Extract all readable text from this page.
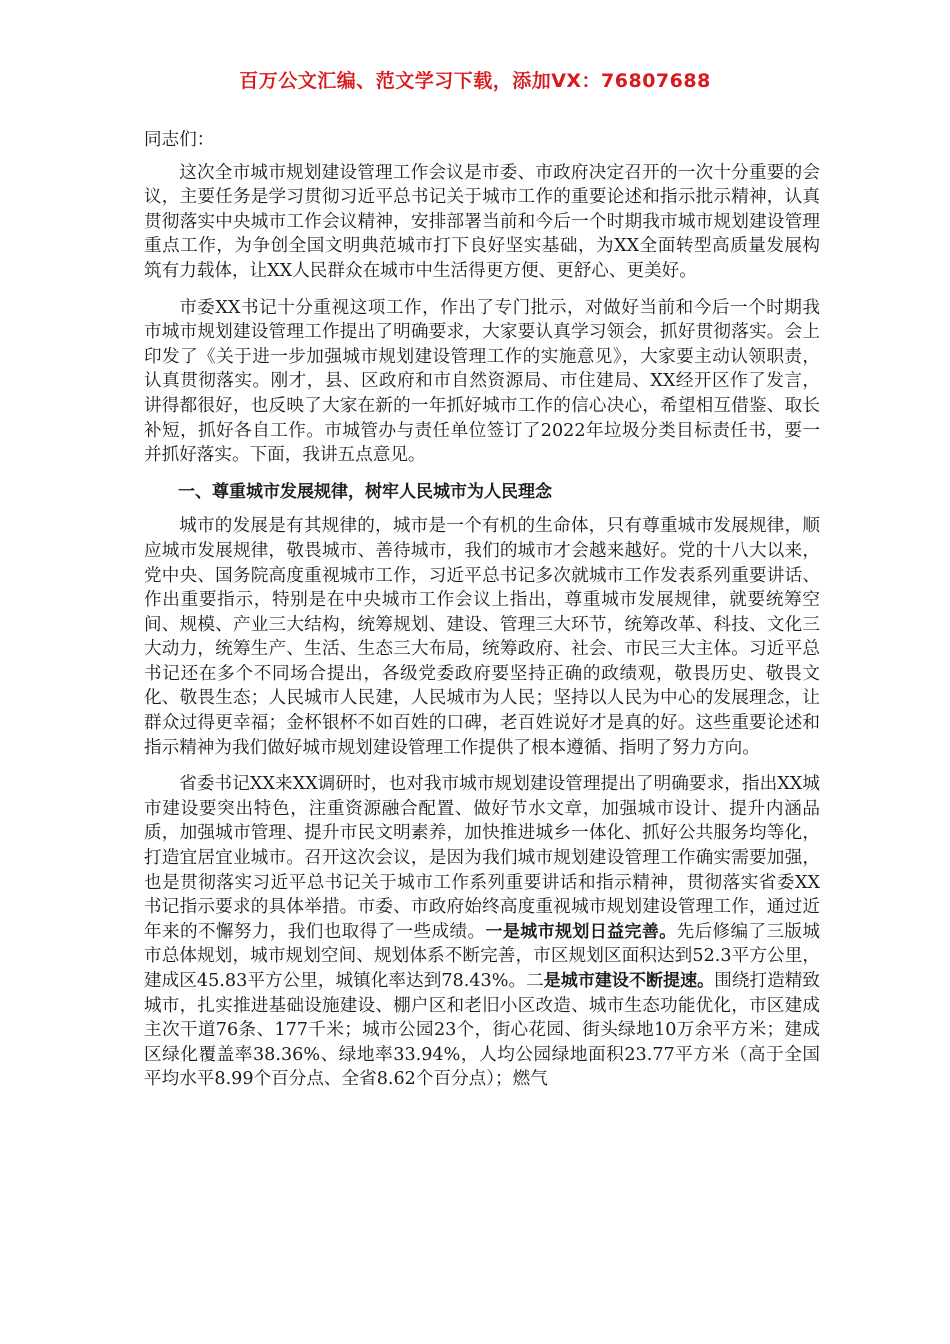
百万公文汇编、范文学习下载，添加VX：76807688

同志们：

这次全市城市规划建设管理工作会议是市委、市政府决定召开的一次十分重要的会议，主要任务是学习贯彻习近平总书记关于城市工作的重要论述和指示批示精神，认真贯彻落实中央城市工作会议精神，安排部署当前和今后一个时期我市城市规划建设管理重点工作，为争创全国文明典范城市打下良好坚实基础，为XX全面转型高质量发展构筑有力载体，让XX人民群众在城市中生活得更方便、更舒心、更美好。

市委XX书记十分重视这项工作，作出了专门批示，对做好当前和今后一个时期我市城市规划建设管理工作提出了明确要求，大家要认真学习领会，抓好贯彻落实。会上印发了《关于进一步加强城市规划建设管理工作的实施意见》，大家要主动认领职责，认真贯彻落实。刚才，县、区政府和市自然资源局、市住建局、XX经开区作了发言，讲得都很好，也反映了大家在新的一年抓好城市工作的信心决心，希望相互借鉴、取长补短，抓好各自工作。市城管办与责任单位签订了2022年垃圾分类目标责任书，要一并抓好落实。下面，我讲五点意见。

一、尊重城市发展规律，树牢人民城市为人民理念

城市的发展是有其规律的，城市是一个有机的生命体，只有尊重城市发展规律，顺应城市发展规律，敬畏城市、善待城市，我们的城市才会越来越好。党的十八大以来，党中央、国务院高度重视城市工作，习近平总书记多次就城市工作发表系列重要讲话、作出重要指示，特别是在中央城市工作会议上指出，尊重城市发展规律，就要统筹空间、规模、产业三大结构，统筹规划、建设、管理三大环节，统筹改革、科技、文化三大动力，统筹生产、生活、生态三大布局，统筹政府、社会、市民三大主体。习近平总书记还在多个不同场合提出，各级党委政府要坚持正确的政绩观，敬畏历史、敬畏文化、敬畏生态；人民城市人民建，人民城市为人民；坚持以人民为中心的发展理念，让群众过得更幸福；金杯银杯不如百姓的口碑，老百姓说好才是真的好。这些重要论述和指示精神为我们做好城市规划建设管理工作提供了根本遵循、指明了努力方向。

省委书记XX来XX调研时，也对我市城市规划建设管理提出了明确要求，指出XX城市建设要突出特色，注重资源融合配置、做好节水文章，加强城市设计、提升内涵品质，加强城市管理、提升市民文明素养，加快推进城乡一体化、抓好公共服务均等化，打造宜居宜业城市。召开这次会议，是因为我们城市规划建设管理工作确实需要加强，也是贯彻落实习近平总书记关于城市工作系列重要讲话和指示精神，贯彻落实省委XX书记指示要求的具体举措。市委、市政府始终高度重视城市规划建设管理工作，通过近年来的不懈努力，我们也取得了一些成绩。一是城市规划日益完善。先后修编了三版城市总体规划，城市规划空间、规划体系不断完善，市区规划区面积达到52.3平方公里，建成区45.83平方公里，城镇化率达到78.43%。二是城市建设不断提速。围绕打造精致城市，扎实推进基础设施建设、棚户区和老旧小区改造、城市生态功能优化，市区建成主次干道76条、177千米；城市公园23个，街心花园、街头绿地10万余平方米；建成区绿化覆盖率38.36%、绿地率33.94%，人均公园绿地面积23.77平方米（高于全国平均水平8.99个百分点、全省8.62个百分点）；燃气
